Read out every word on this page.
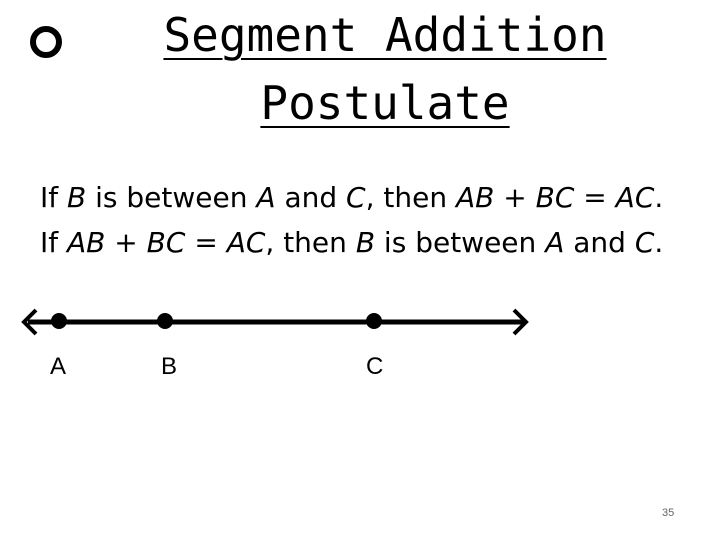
Segment Addition
Postulate
If B is between A and C, then AB + BC = AC.
If AB + BC = AC, then B is between A and C.
A	B	C
35
